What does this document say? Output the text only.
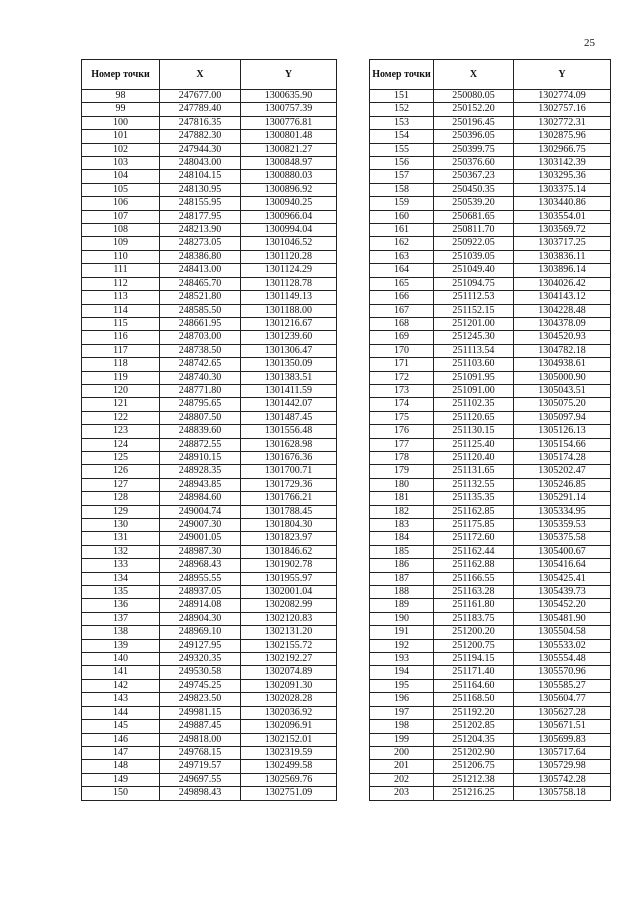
25
Номер точки	X	Y
98	247677.00	1300635.90
99	247789.40	1300757.39
100	247816.35	1300776.81
101	247882.30	1300801.48
102	247944.30	1300821.27
103	248043.00	1300848.97
104	248104.15	1300880.03
105	248130.95	1300896.92
106	248155.95	1300940.25
107	248177.95	1300966.04
108	248213.90	1300994.04
109	248273.05	1301046.52
110	248386.80	1301120.28
111	248413.00	1301124.29
112	248465.70	1301128.78
113	248521.80	1301149.13
114	248585.50	1301188.00
115	248661.95	1301216.67
116	248703.00	1301239.60
117	248738.50	1301306.47
118	248742.65	1301350.09
119	248740.30	1301383.51
120	248771.80	1301411.59
121	248795.65	1301442.07
122	248807.50	1301487.45
123	248839.60	1301556.48
124	248872.55	1301628.98
125	248910.15	1301676.36
126	248928.35	1301700.71
127	248943.85	1301729.36
128	248984.60	1301766.21
129	249004.74	1301788.45
130	249007.30	1301804.30
131	249001.05	1301823.97
132	248987.30	1301846.62
133	248968.43	1301902.78
134	248955.55	1301955.97
135	248937.05	1302001.04
136	248914.08	1302082.99
137	248904.30	1302120.83
138	248969.10	1302131.20
139	249127.95	1302155.72
140	249320.35	1302192.27
141	249530.58	1302074.89
142	249745.25	1302091.30
143	249823.50	1302028.28
144	249981.15	1302036.92
145	249887.45	1302096.91
146	249818.00	1302152.01
147	249768.15	1302319.59
148	249719.57	1302499.58
149	249697.55	1302569.76
150	249898.43	1302751.09
Номер точки	X	Y
151	250080.05	1302774.09
152	250152.20	1302757.16
153	250196.45	1302772.31
154	250396.05	1302875.96
155	250399.75	1302966.75
156	250376.60	1303142.39
157	250367.23	1303295.36
158	250450.35	1303375.14
159	250539.20	1303440.86
160	250681.65	1303554.01
161	250811.70	1303569.72
162	250922.05	1303717.25
163	251039.05	1303836.11
164	251049.40	1303896.14
165	251094.75	1304026.42
166	251112.53	1304143.12
167	251152.15	1304228.48
168	251201.00	1304378.09
169	251245.30	1304520.93
170	251113.54	1304782.18
171	251103.60	1304938.61
172	251091.95	1305000.90
173	251091.00	1305043.51
174	251102.35	1305075.20
175	251120.65	1305097.94
176	251130.15	1305126.13
177	251125.40	1305154.66
178	251120.40	1305174.28
179	251131.65	1305202.47
180	251132.55	1305246.85
181	251135.35	1305291.14
182	251162.85	1305334.95
183	251175.85	1305359.53
184	251172.60	1305375.58
185	251162.44	1305400.67
186	251162.88	1305416.64
187	251166.55	1305425.41
188	251163.28	1305439.73
189	251161.80	1305452.20
190	251183.75	1305481.90
191	251200.20	1305504.58
192	251200.75	1305533.02
193	251194.15	1305554.48
194	251171.40	1305570.96
195	251164.60	1305585.27
196	251168.50	1305604.77
197	251192.20	1305627.28
198	251202.85	1305671.51
199	251204.35	1305699.83
200	251202.90	1305717.64
201	251206.75	1305729.98
202	251212.38	1305742.28
203	251216.25	1305758.18
